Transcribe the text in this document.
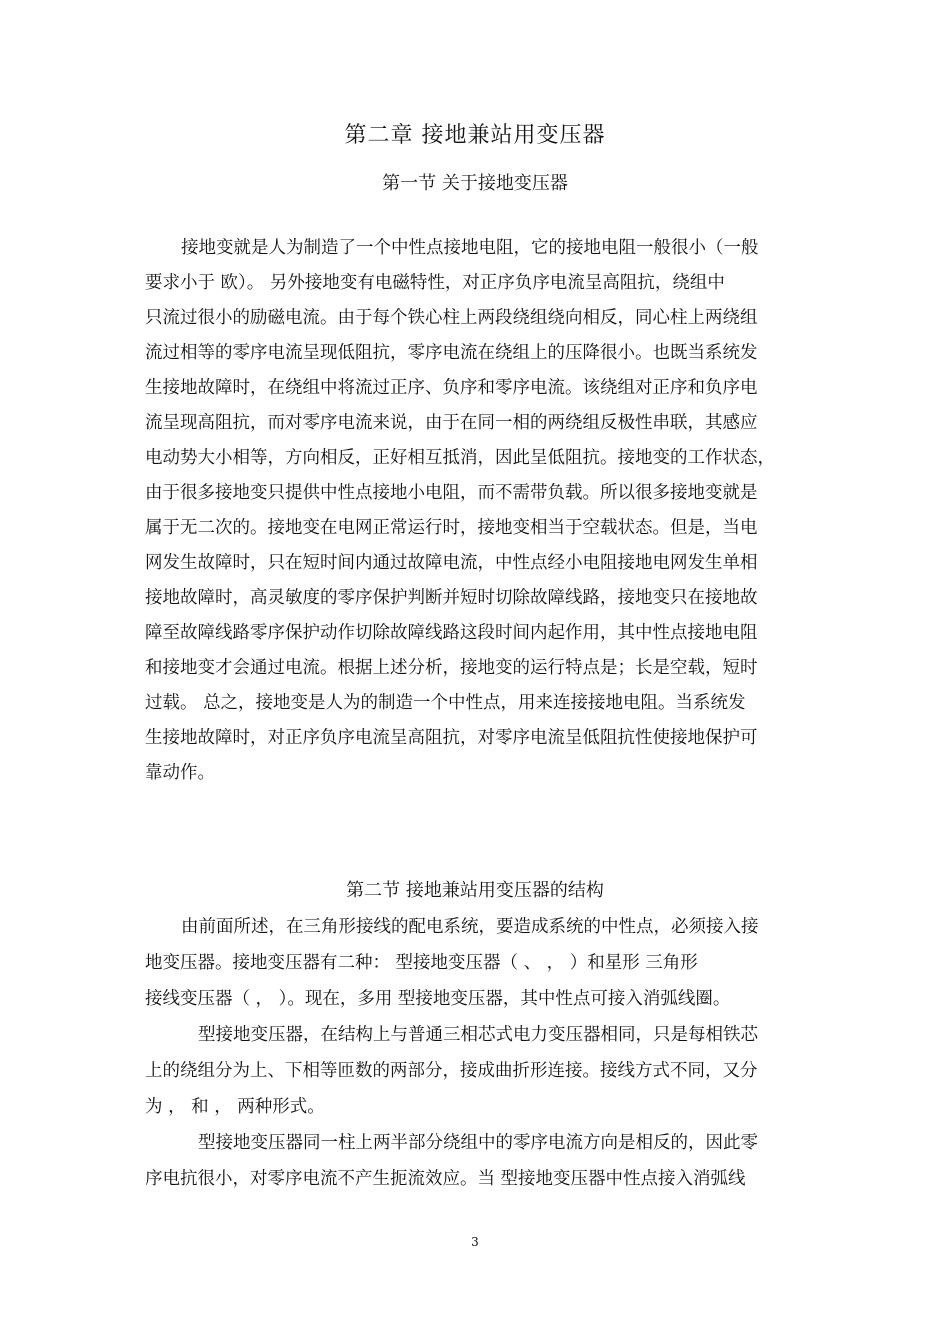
第二章 接地兼站用变压器
第一节 关于接地变压器
接地变就是人为制造了一个中性点接地电阻，它的接地电阻一般很小（一般
要求小于 欧）。 另外接地变有电磁特性，对正序负序电流呈高阻抗，绕组中
只流过很小的励磁电流。由于每个铁心柱上两段绕组绕向相反，同心柱上两绕组
流过相等的零序电流呈现低阻抗，零序电流在绕组上的压降很小。也既当系统发
生接地故障时，在绕组中将流过正序、负序和零序电流。该绕组对正序和负序电
流呈现高阻抗，而对零序电流来说，由于在同一相的两绕组反极性串联，其感应
电动势大小相等，方向相反，正好相互抵消，因此呈低阻抗。接地变的工作状态，
由于很多接地变只提供中性点接地小电阻，而不需带负载。所以很多接地变就是
属于无二次的。接地变在电网正常运行时，接地变相当于空载状态。但是，当电
网发生故障时，只在短时间内通过故障电流，中性点经小电阻接地电网发生单相
接地故障时，高灵敏度的零序保护判断并短时切除故障线路，接地变只在接地故
障至故障线路零序保护动作切除故障线路这段时间内起作用，其中性点接地电阻
和接地变才会通过电流。根据上述分析，接地变的运行特点是；长是空载，短时
过载。 总之，接地变是人为的制造一个中性点，用来连接接地电阻。当系统发
生接地故障时，对正序负序电流呈高阻抗，对零序电流呈低阻抗性使接地保护可
靠动作。
第二节 接地兼站用变压器的结构
由前面所述，在三角形接线的配电系统，要造成系统的中性点，必须接入接
地变压器。接地变压器有二种： 型接地变压器（ 、 ， ）和星形 三角形
接线变压器（ ， ）。现在，多用 型接地变压器，其中性点可接入消弧线圈。
型接地变压器，在结构上与普通三相芯式电力变压器相同，只是每相铁芯
上的绕组分为上、下相等匝数的两部分，接成曲折形连接。接线方式不同，又分
为 ， 和 ， 两种形式。
型接地变压器同一柱上两半部分绕组中的零序电流方向是相反的，因此零
序电抗很小，对零序电流不产生扼流效应。当 型接地变压器中性点接入消弧线
3
